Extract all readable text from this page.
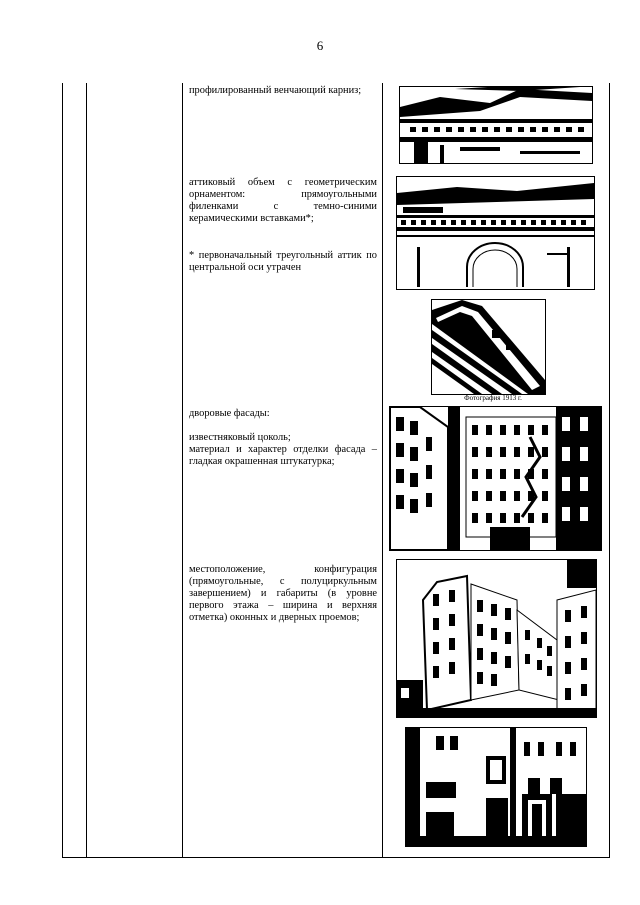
6
профилированный венчающий карниз;
аттиковый объем с геометрическим
орнаментом:	прямоугольными
филенками	с	темно-синими
керамическими вставками*;
* первоначальный треугольный аттик по центральной оси утрачен
дворовые фасады:
известняковый цоколь;
материал и характер отделки фасада – гладкая окрашенная штукатурка;
местоположение, конфигурация (прямоугольные, с полуциркульным завершением) и габариты (в уровне первого этажа – ширина и верхняя отметка) оконных и дверных проемов;
Фотография 1913 г.
